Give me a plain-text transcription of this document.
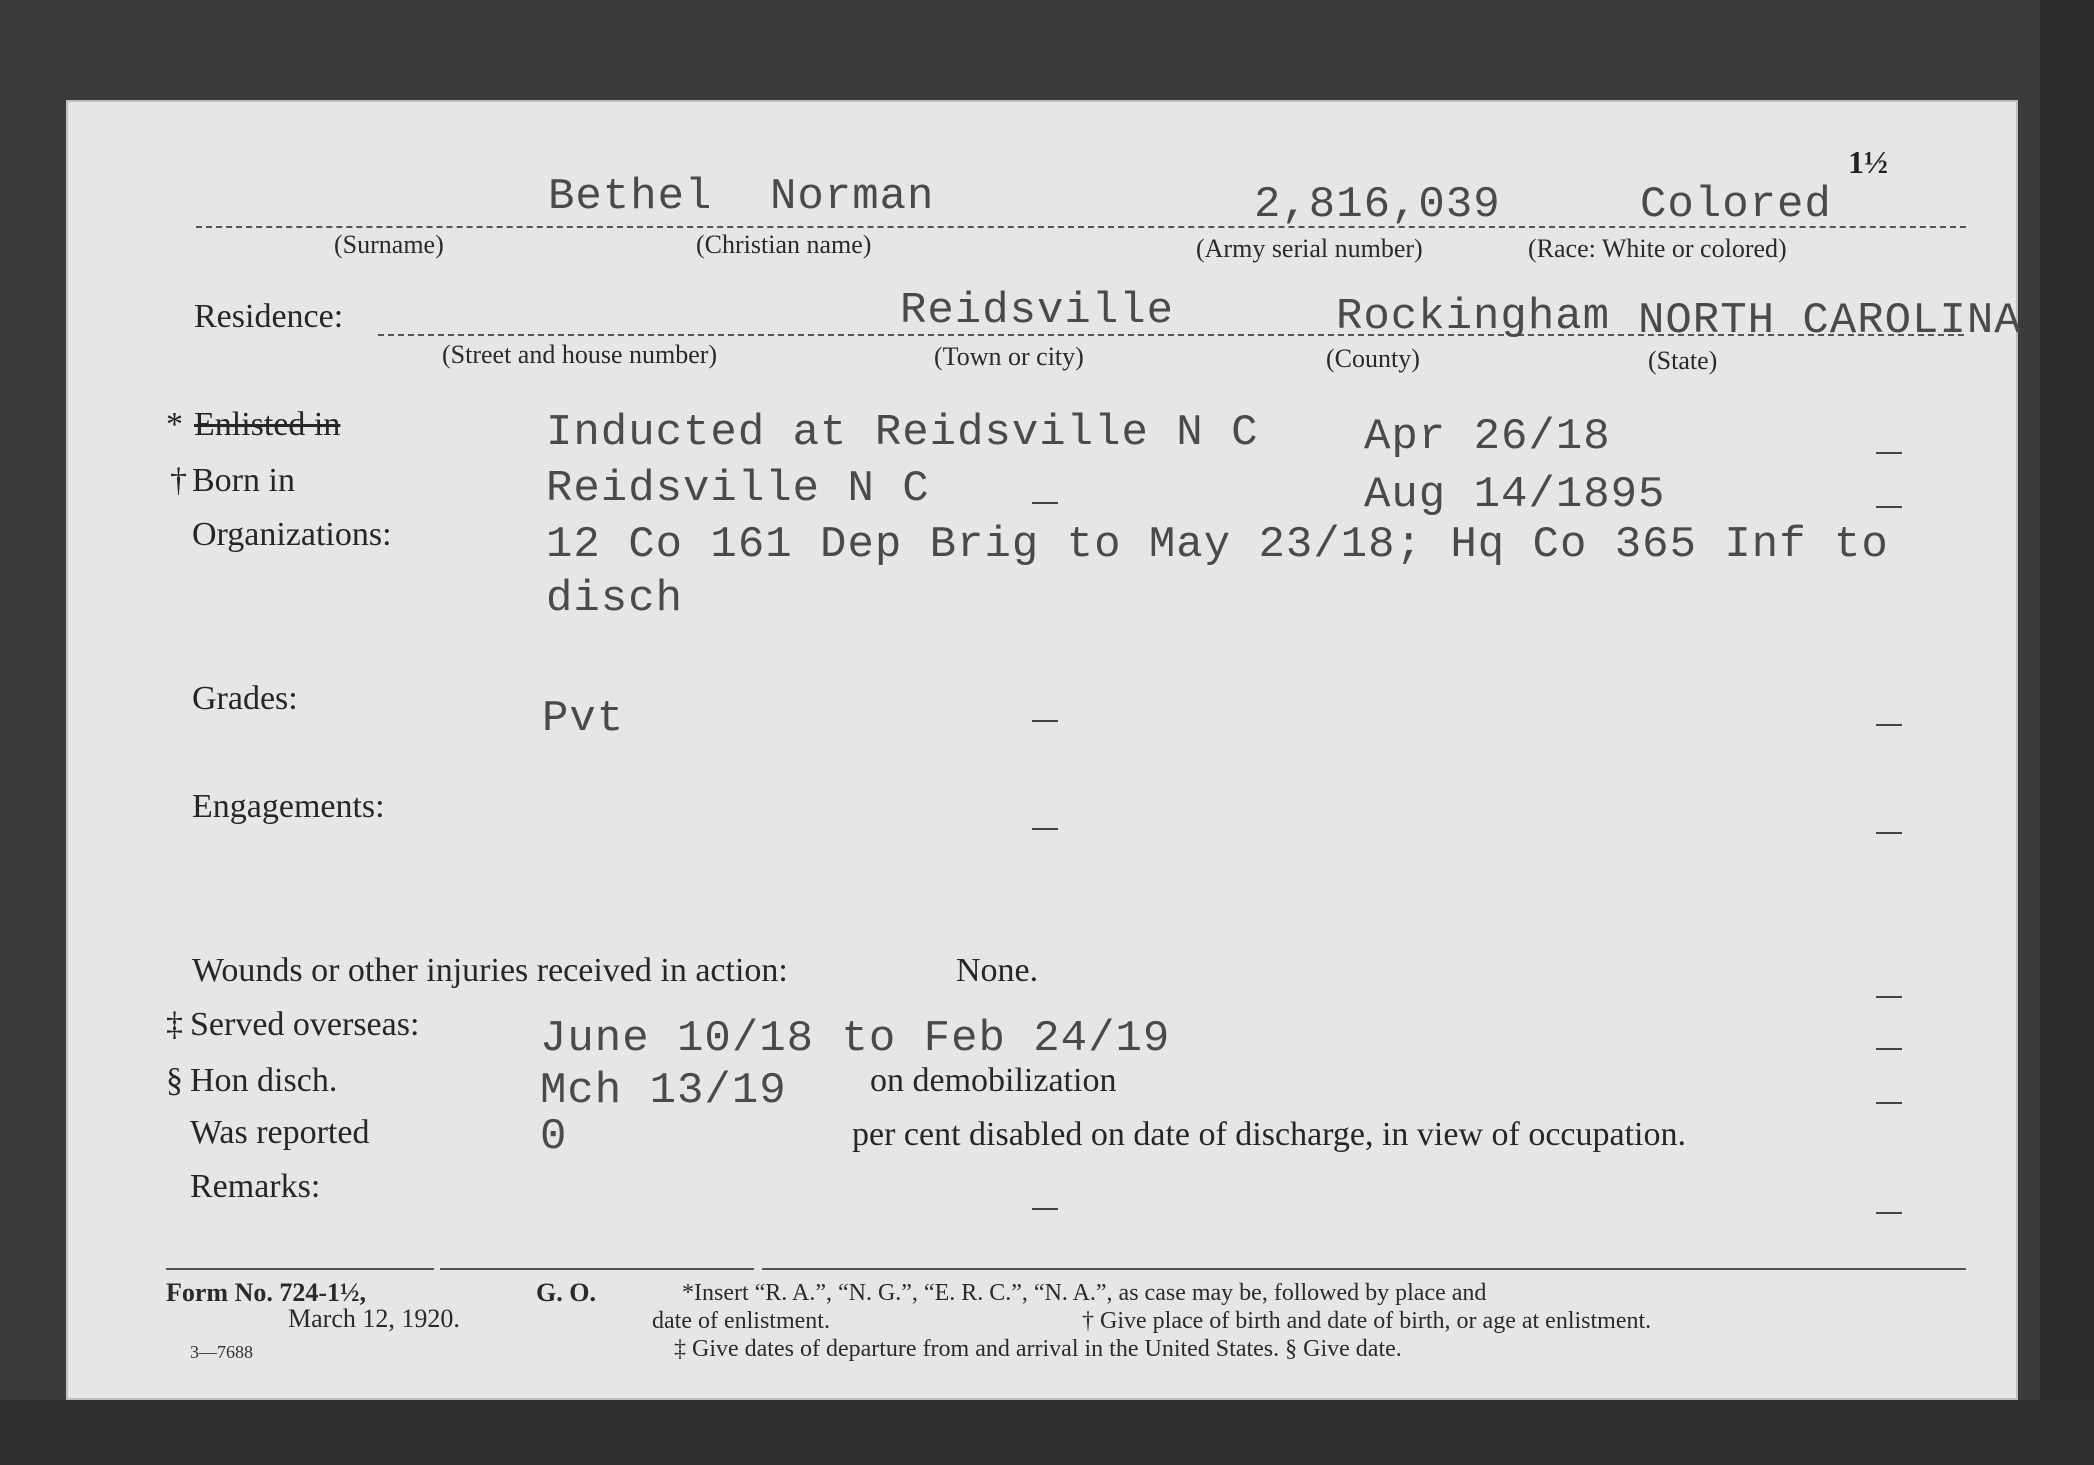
1½
Bethel Norman	2,816,039	Colored
(Surname)	(Christian name)	(Army serial number)	(Race: White or colored)
Residence:	Reidsville	Rockingham NORTH CAROLINA
(Street and house number)	(Town or city)	(County)	(State)
* Enlisted in	Inducted at Reidsville N C Apr 26/18
† Born in	Reidsville N C	Aug 14/1895
Organizations:	12 Co 161 Dep Brig to May 23/18; Hq Co 365 Inf to
disch
Grades:	Pvt
Engagements:
Wounds or other injuries received in action:	None.
‡ Served overseas:	June 10/18 to Feb 24/19
§ Hon disch.	Mch 13/19 on demobilization
Was reported	0	per cent disabled on date of discharge, in view of occupation.
Remarks:
Form No. 724-1½,	G. O.
March 12, 1920.
3—7688
*Insert “R. A.”, “N. G.”, “E. R. C.”, “N. A.”, as case may be, followed by place and
date of enlistment.	† Give place of birth and date of birth, or age at enlistment.
‡ Give dates of departure from and arrival in the United States. § Give date.
